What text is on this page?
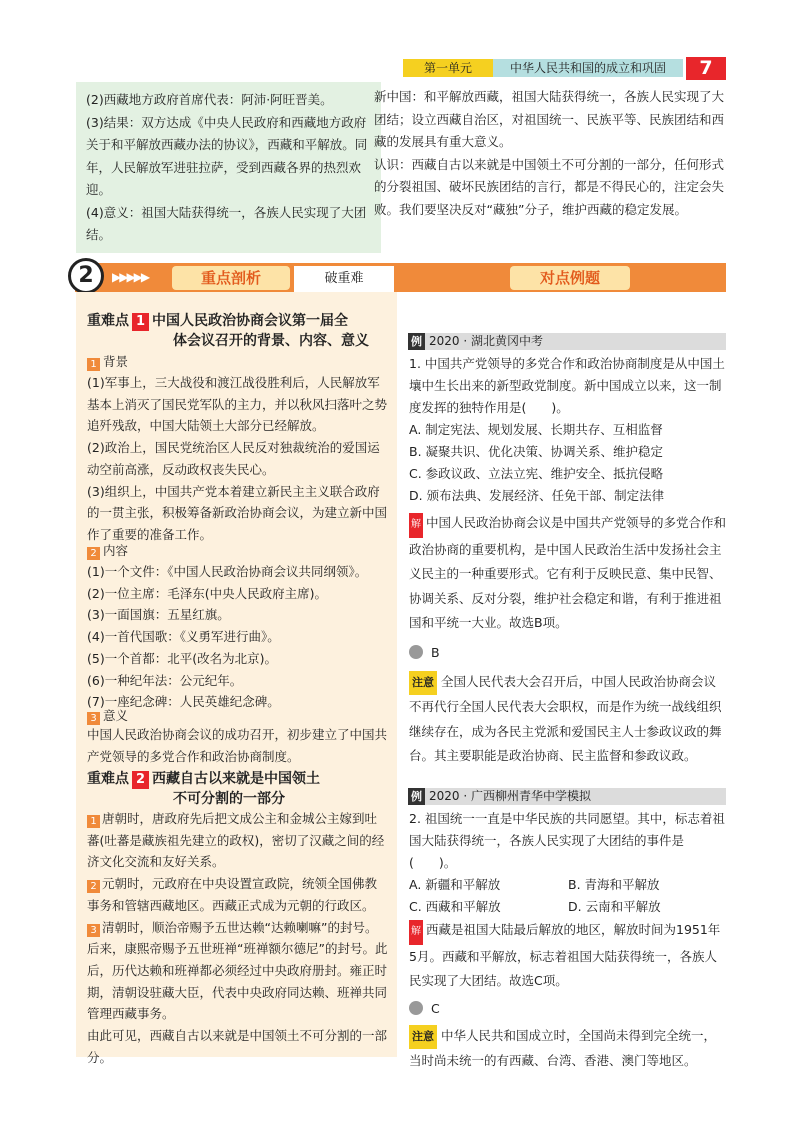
第一单元	中华人民共和国的成立和巩固	7
(2)西藏地方政府首席代表：阿沛·阿旺晋美。
(3)结果：双方达成《中央人民政府和西藏地方政府关于和平解放西藏办法的协议》，西藏和平解放。同年，人民解放军进驻拉萨，受到西藏各界的热烈欢迎。
(4)意义：祖国大陆获得统一，各族人民实现了大团结。
新中国：和平解放西藏，祖国大陆获得统一，各族人民实现了大团结；设立西藏自治区，对祖国统一、民族平等、民族团结和西藏的发展具有重大意义。
认识：西藏自古以来就是中国领土不可分割的一部分，任何形式的分裂祖国、破坏民族团结的言行，都是不得民心的，注定会失败。我们要坚决反对“藏独”分子，维护西藏的稳定发展。
2	▶▶▶▶▶	重点剖析	破重难	对点例题
重难点 1 中国人民政治协商会议第一届全
体会议召开的背景、内容、意义
1 背景
(1)军事上，三大战役和渡江战役胜利后，人民解放军基本上消灭了国民党军队的主力，并以秋风扫落叶之势追歼残敌，中国大陆领土大部分已经解放。
(2)政治上，国民党统治区人民反对独裁统治的爱国运动空前高涨，反动政权丧失民心。
(3)组织上，中国共产党本着建立新民主主义联合政府的一贯主张，积极筹备新政治协商会议，为建立新中国作了重要的准备工作。
2 内容
(1)一个文件：《中国人民政治协商会议共同纲领》。
(2)一位主席：毛泽东(中央人民政府主席)。
(3)一面国旗：五星红旗。
(4)一首代国歌：《义勇军进行曲》。
(5)一个首都：北平(改名为北京)。
(6)一种纪年法：公元纪年。
(7)一座纪念碑：人民英雄纪念碑。
3 意义
中国人民政治协商会议的成功召开，初步建立了中国共产党领导的多党合作和政治协商制度。
重难点 2 西藏自古以来就是中国领土
不可分割的一部分
1 唐朝时，唐政府先后把文成公主和金城公主嫁到吐蕃(吐蕃是藏族祖先建立的政权)，密切了汉藏之间的经济文化交流和友好关系。
2 元朝时，元政府在中央设置宣政院，统领全国佛教事务和管辖西藏地区。西藏正式成为元朝的行政区。
3 清朝时，顺治帝赐予五世达赖“达赖喇嘛”的封号。后来，康熙帝赐予五世班禅“班禅额尔德尼”的封号。此后，历代达赖和班禅都必须经过中央政府册封。雍正时期，清朝设驻藏大臣，代表中央政府同达赖、班禅共同管理西藏事务。
由此可见，西藏自古以来就是中国领土不可分割的一部分。
例 2020 · 湖北黄冈中考
1. 中国共产党领导的多党合作和政治协商制度是从中国土壤中生长出来的新型政党制度。新中国成立以来，这一制度发挥的独特作用是(　　)。
A. 制定宪法、规划发展、长期共存、互相监督
B. 凝聚共识、优化决策、协调关系、维护稳定
C. 参政议政、立法立宪、维护安全、抵抗侵略
D. 颁布法典、发展经济、任免干部、制定法律
解 中国人民政治协商会议是中国共产党领导的多党合作和政治协商的重要机构，是中国人民政治生活中发扬社会主义民主的一种重要形式。它有利于反映民意、集中民智、协调关系、反对分裂，维护社会稳定和谐，有利于推进祖国和平统一大业。故选B项。
B
注意 全国人民代表大会召开后，中国人民政治协商会议不再代行全国人民代表大会职权，而是作为统一战线组织继续存在，成为各民主党派和爱国民主人士参政议政的舞台。其主要职能是政治协商、民主监督和参政议政。
例 2020 · 广西柳州青华中学模拟
2. 祖国统一一直是中华民族的共同愿望。其中，标志着祖国大陆获得统一，各族人民实现了大团结的事件是(　　)。
A. 新疆和平解放	B. 青海和平解放
C. 西藏和平解放	D. 云南和平解放
解 西藏是祖国大陆最后解放的地区，解放时间为1951年5月。西藏和平解放，标志着祖国大陆获得统一，各族人民实现了大团结。故选C项。
C
注意 中华人民共和国成立时，全国尚未得到完全统一，当时尚未统一的有西藏、台湾、香港、澳门等地区。
